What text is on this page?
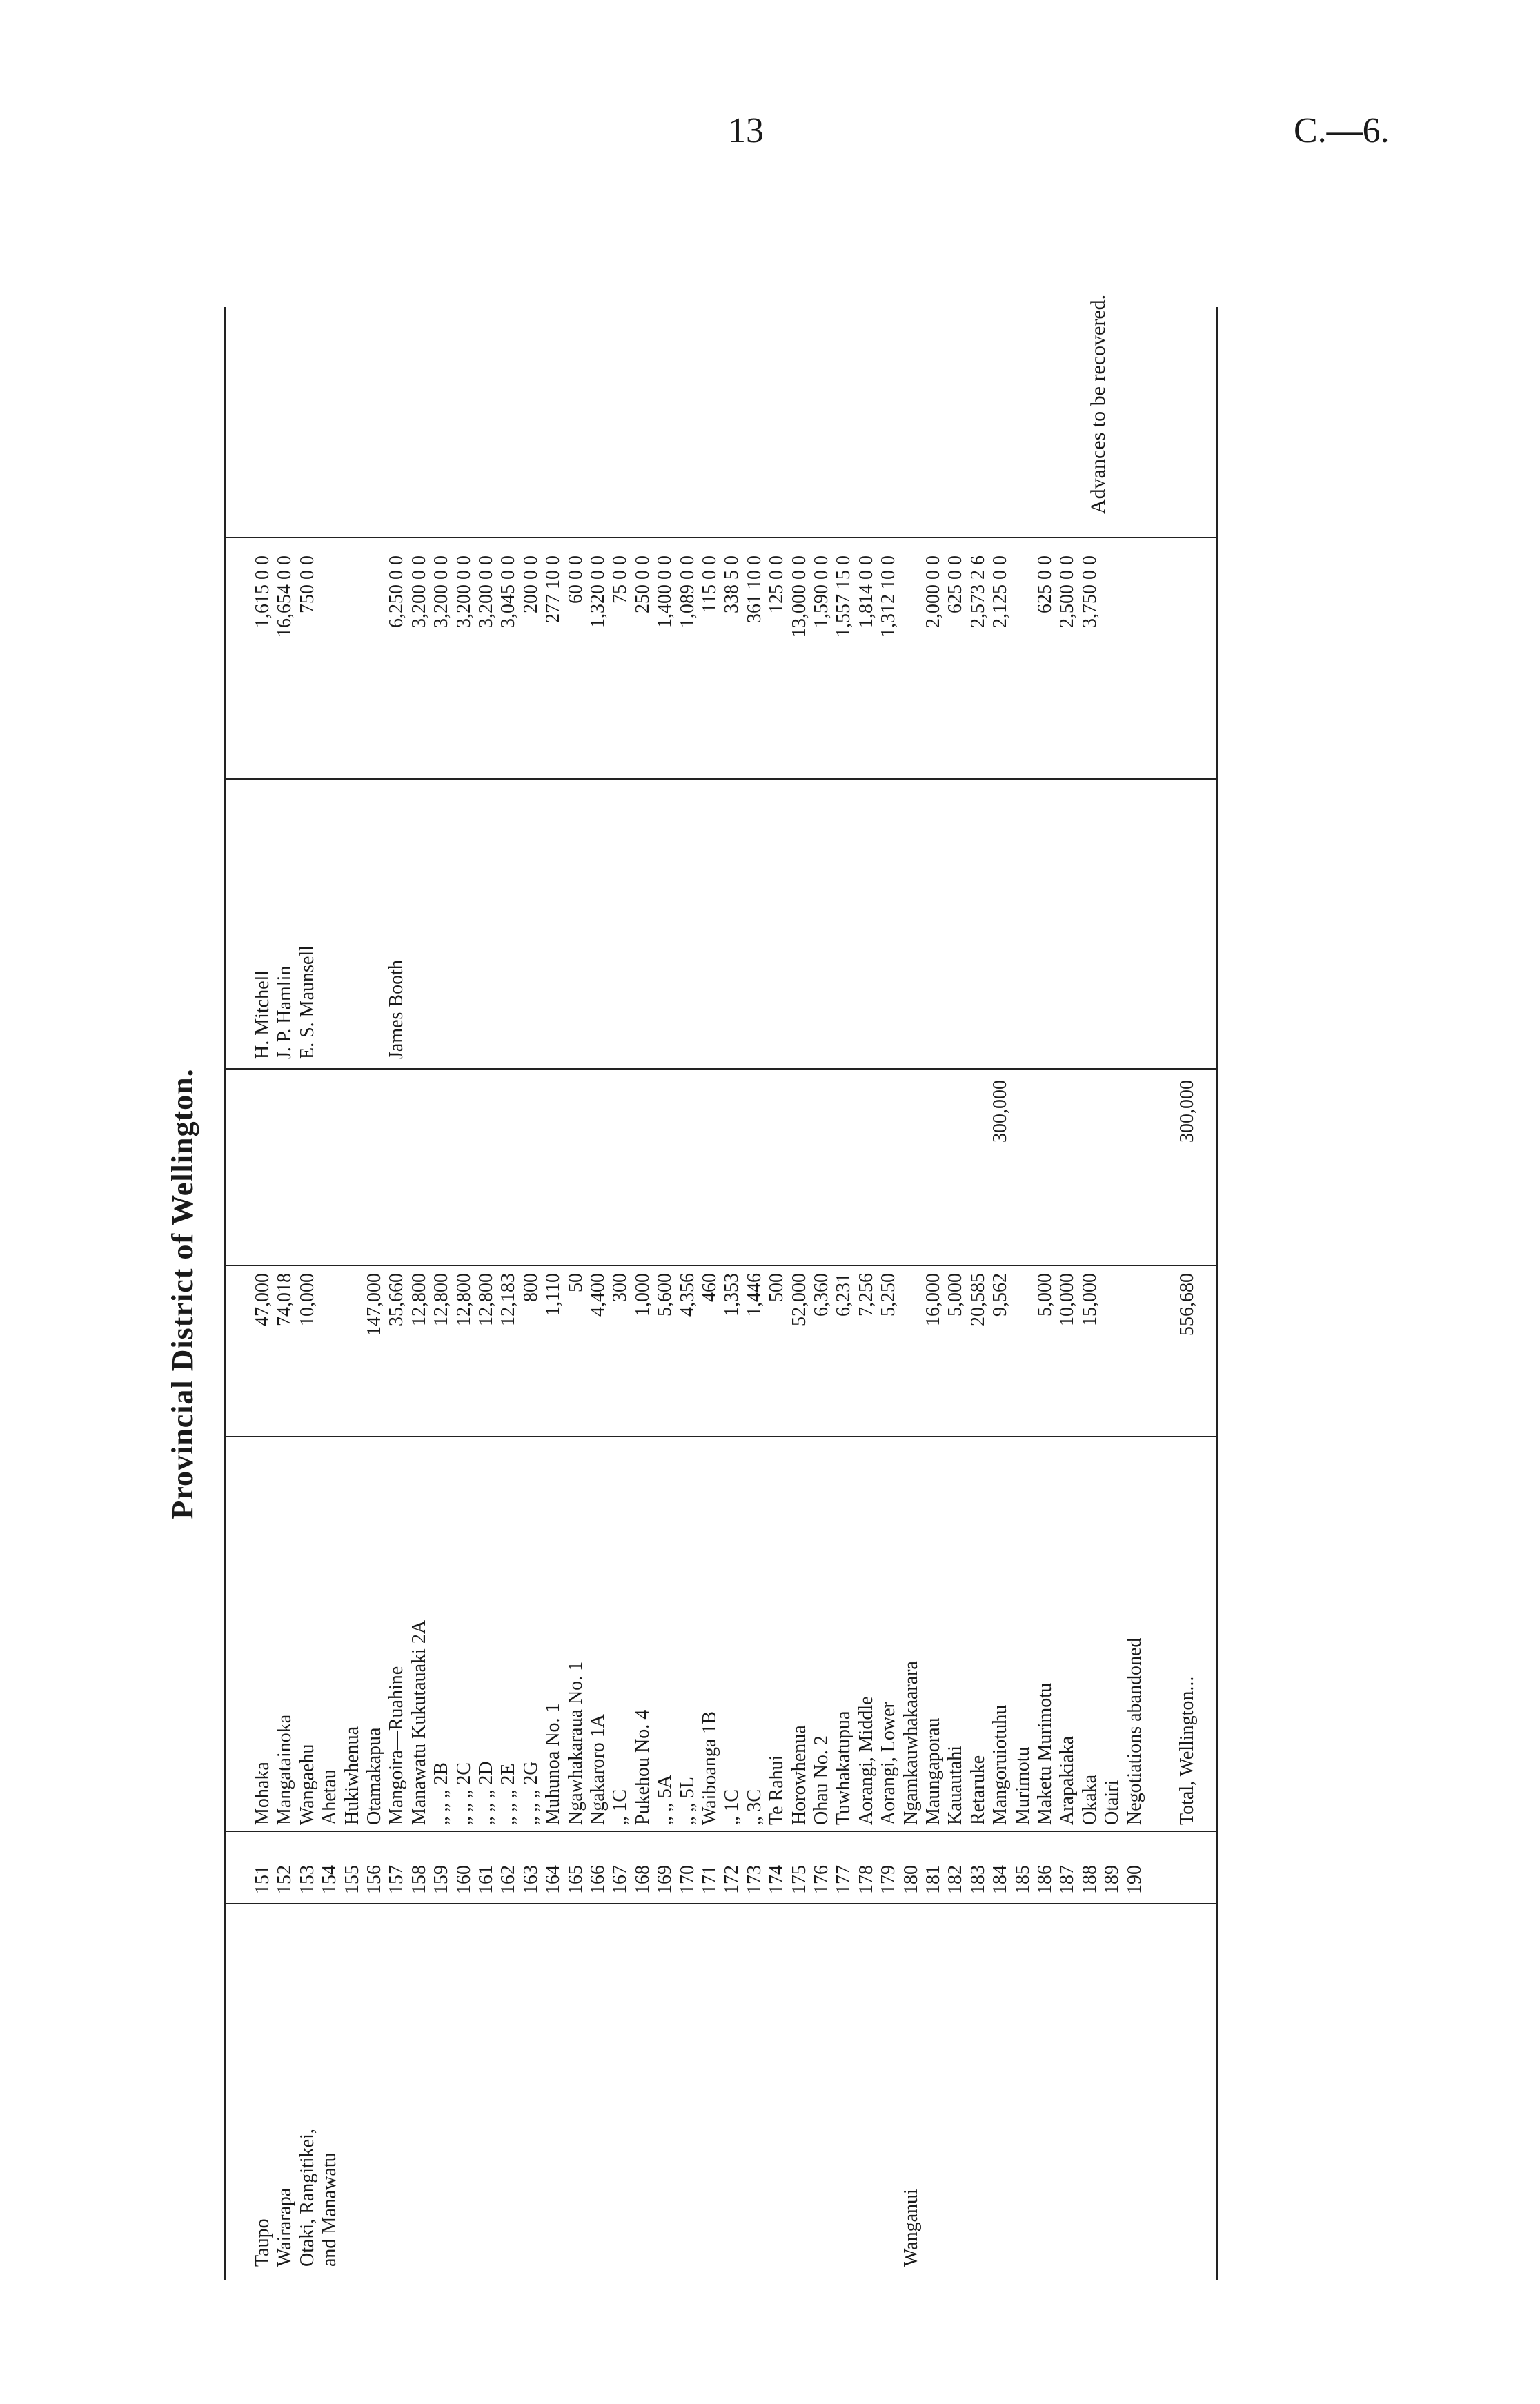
13	C.—6.
Provincial District of Wellington.
Taupo
151
Mohaka
47,000
H. Mitchell
1,615 0 0
Wairarapa
152
Mangatainoka
74,018
J. P. Hamlin
16,654 0 0
Otaki, Rangitikei,
153
Wangaehu
10,000
E. S. Maunsell
750 0 0
and Manawatu
154
Ahetau
155
Hukiwhenua
156
Otamakapua
147,000
157
Mangoira—Ruahine
35,660
James Booth
6,250 0 0
158
Manawatu Kukutauaki 2A
12,800
3,200 0 0
159
„ „ „ 2B
12,800
3,200 0 0
160
„ „ „ 2C
12,800
3,200 0 0
161
„ „ „ 2D
12,800
3,200 0 0
162
„ „ „ 2E
12,183
3,045 0 0
163
„ „ „ 2G
800
200 0 0
164
Muhunoa No. 1
1,110
277 10 0
165
Ngawhakaraua No. 1
50
60 0 0
166
Ngakaroro 1A
4,400
1,320 0 0
167
„ 1C
300
75 0 0
168
Pukehou No. 4
1,000
250 0 0
169
„ „ 5A
5,600
1,400 0 0
170
„ „ 5L
4,356
1,089 0 0
171
Waiboanga 1B
460
115 0 0
172
„ 1C
1,353
338 5 0
173
„ 3C
1,446
361 10 0
174
Te Rahui
500
125 0 0
175
Horowhenua
52,000
13,000 0 0
176
Ohau No. 2
6,360
1,590 0 0
177
Tuwhakatupua
6,231
1,557 15 0
178
Aorangi, Middle
7,256
1,814 0 0
179
Aorangi, Lower
5,250
1,312 10 0
Wanganui
180
Ngamkauwhakaarara
181
Maungaporau
16,000
2,000 0 0
182
Kauautahi
5,000
625 0 0
183
Retaruke
20,585
2,573 2 6
184
Mangoruiotuhu
9,562
2,125 0 0
185
Murimotu
186
Maketu Murimotu
5,000
625 0 0
187
Arapakiaka
10,000
2,500 0 0
188
Okaka
15,000
3,750 0 0
189
Otairi
190
Negotiations abandoned
300,000
Total, Wellington...
556,680
300,000
Advances to be recovered.
